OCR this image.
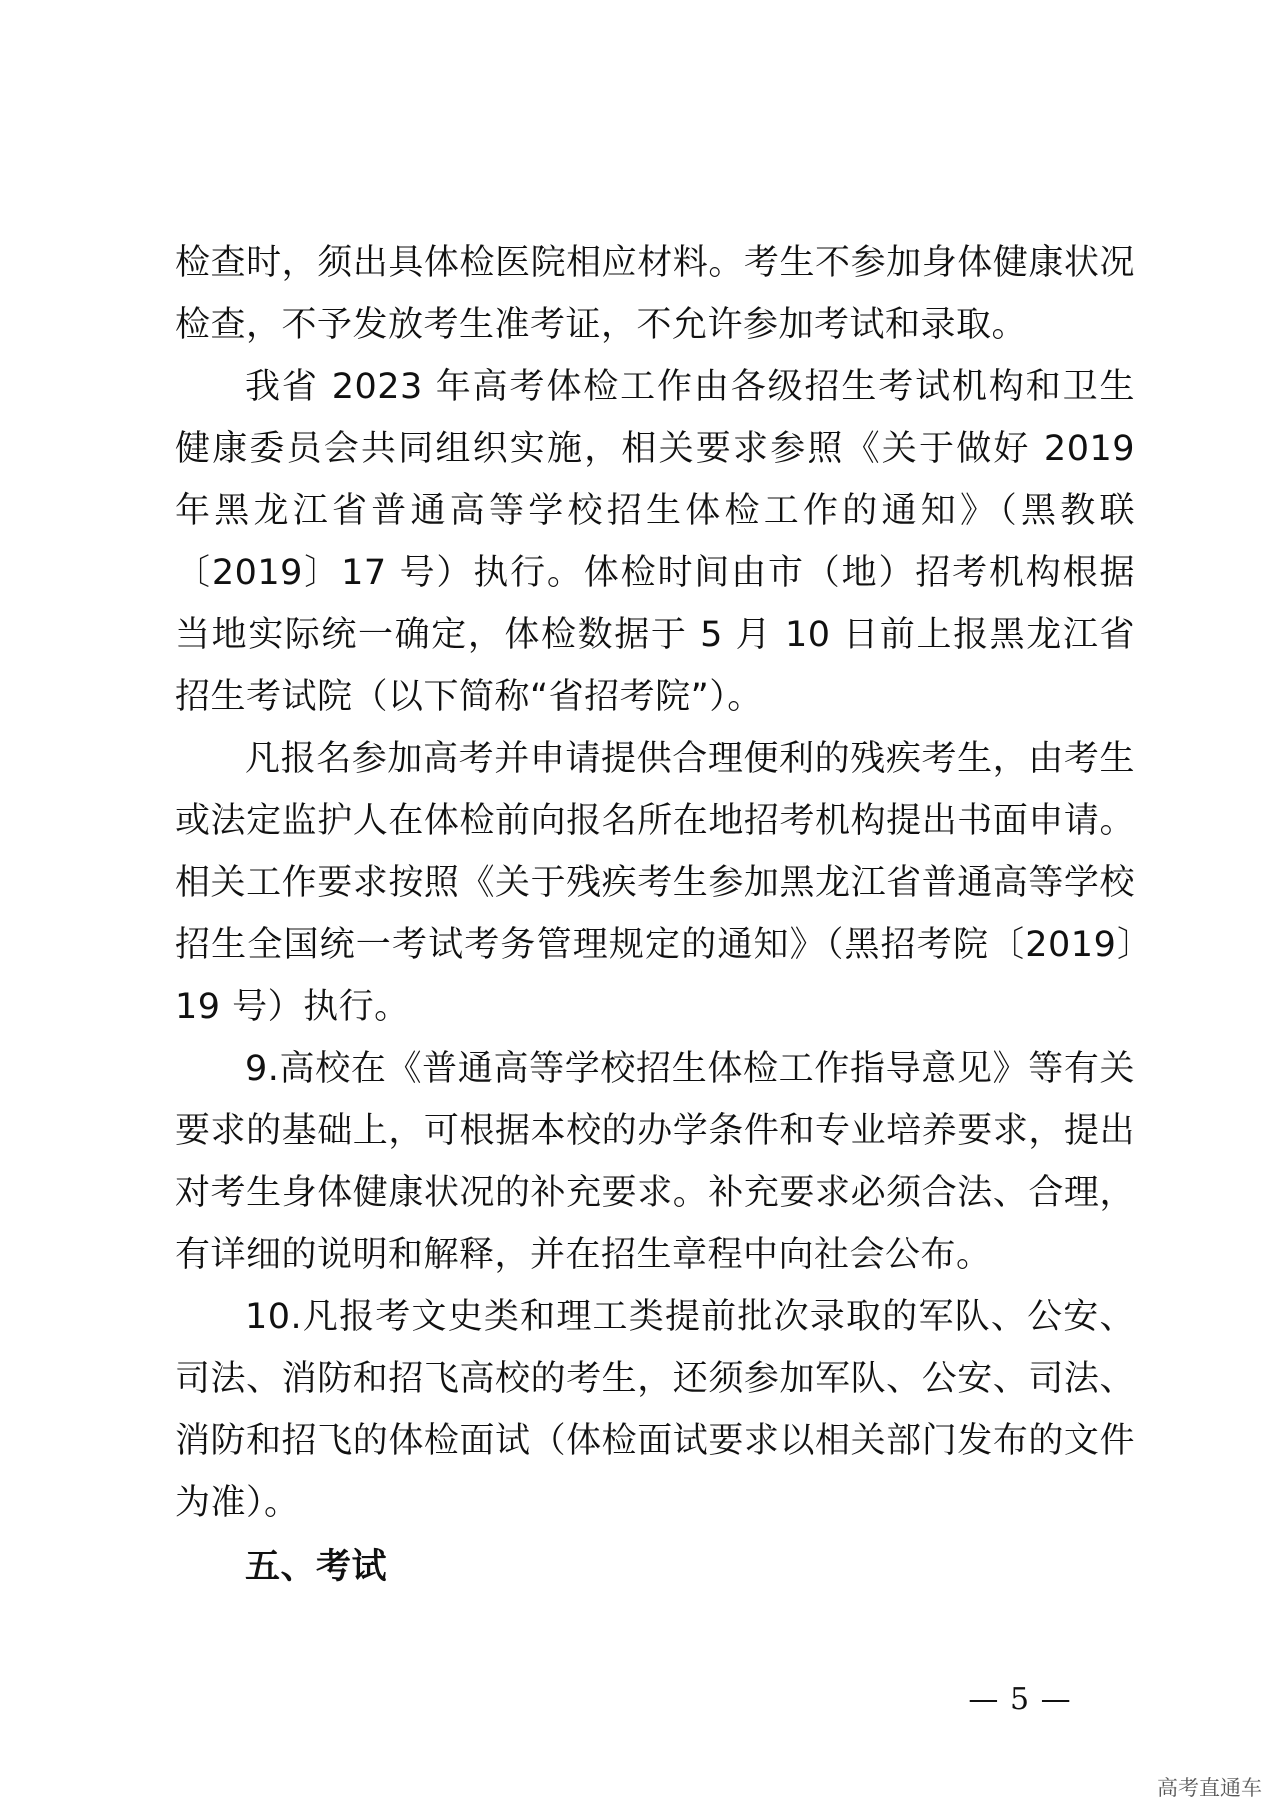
检查时，须出具体检医院相应材料。考生不参加身体健康状况检查，不予发放考生准考证，不允许参加考试和录取。

我省 2023 年高考体检工作由各级招生考试机构和卫生健康委员会共同组织实施，相关要求参照《关于做好 2019 年黑龙江省普通高等学校招生体检工作的通知》（黑教联〔2019〕17 号）执行。体检时间由市（地）招考机构根据当地实际统一确定，体检数据于 5 月 10 日前上报黑龙江省招生考试院（以下简称“省招考院”）。

凡报名参加高考并申请提供合理便利的残疾考生，由考生或法定监护人在体检前向报名所在地招考机构提出书面申请。相关工作要求按照《关于残疾考生参加黑龙江省普通高等学校招生全国统一考试考务管理规定的通知》（黑招考院〔2019〕19 号）执行。

9.高校在《普通高等学校招生体检工作指导意见》等有关要求的基础上，可根据本校的办学条件和专业培养要求，提出对考生身体健康状况的补充要求。补充要求必须合法、合理，有详细的说明和解释，并在招生章程中向社会公布。

10.凡报考文史类和理工类提前批次录取的军队、公安、司法、消防和招飞高校的考生，还须参加军队、公安、司法、消防和招飞的体检面试（体检面试要求以相关部门发布的文件为准）。

五、考试

— 5 —
高考直通车
